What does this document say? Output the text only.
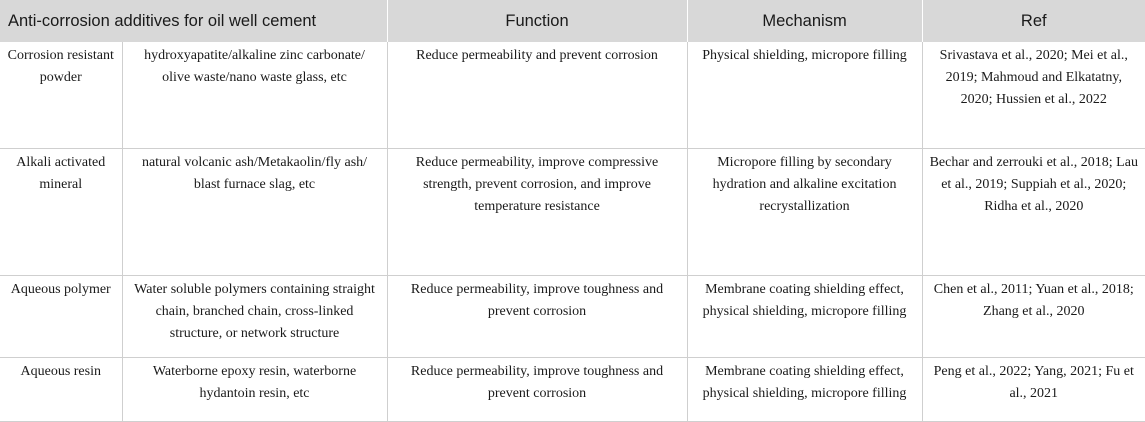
Anti-corrosion additives for oil well cement		Function	Mechanism	Ref
Corrosion resistant powder	hydroxyapatite/alkaline zinc carbonate/ olive waste/nano waste glass, etc	Reduce permeability and prevent corrosion	Physical shielding, micropore filling	Srivastava et al., 2020; Mei et al., 2019; Mahmoud and Elkatatny, 2020; Hussien et al., 2022
Alkali activated mineral	natural volcanic ash/Metakaolin/fly ash/ blast furnace slag, etc	Reduce permeability, improve compressive strength, prevent corrosion, and improve temperature resistance	Micropore filling by secondary hydration and alkaline excitation recrystallization	Bechar and zerrouki et al., 2018; Lau et al., 2019; Suppiah et al., 2020; Ridha et al., 2020
Aqueous polymer	Water soluble polymers containing straight chain, branched chain, cross-linked structure, or network structure	Reduce permeability, improve toughness and prevent corrosion	Membrane coating shielding effect, physical shielding, micropore filling	Chen et al., 2011; Yuan et al., 2018; Zhang et al., 2020
Aqueous resin	Waterborne epoxy resin, waterborne hydantoin resin, etc	Reduce permeability, improve toughness and prevent corrosion	Membrane coating shielding effect, physical shielding, micropore filling	Peng et al., 2022; Yang, 2021; Fu et al., 2021
